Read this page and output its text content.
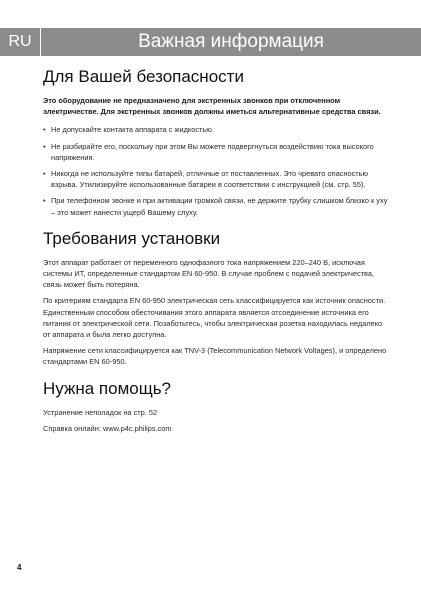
RU	Важная информация
Для Вашей безопасности

Это оборудование не предназначено для экстренных звонков при отключенном электричестве. Для экстренных звонков должны иметься альтернативные средства связи.

• Не допускайте контакта аппарата с жидкостью.
• Не разбирайте его, поскольку при этом Вы можете подвергнуться воздействию тока высокого напряжения.
• Никогда не используйте типы батарей, отличные от поставленных. Это чревато опасностью взрыва. Утилизируйте использованные батареи в соответствии с инструкцией (см. стр. 55).
• При телефонном звонке и при активации громкой связи, не держите трубку слишком близко к уху – это может нанести ущерб Вашему слуху.
Требования установки

Этот аппарат работает от переменного однофазного тока напряжением 220–240 В, исключая системы ИТ, определенные стандартом EN 60-950. В случае проблем с подачей электричества, связь может быть потеряна.

По критериям стандарта EN 60-950 электрическая сеть классифицируется как источник опасности. Единственным способом обесточивания этого аппарата является отсоединение источника его питания от электрической сети. Позаботьтесь, чтобы электрическая розетка находилась недалеко от аппарата и была легко доступна.

Напряжение сети классифицируется как TNV-3 (Telecommunication Network Voltages), и определено стандартами EN 60-950.

Нужна помощь?

Устранение неполадок на стр. 52

Справка онлайн: www.p4c.philips.com

4
